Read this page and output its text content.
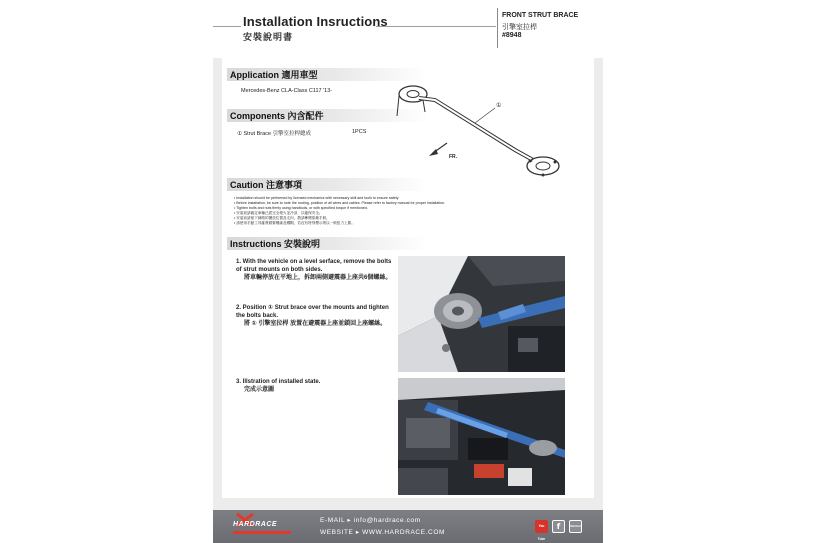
Installation Insructions
安裝說明書
FRONT STRUT BRACE
引擎室拉桿
#8948
Application 適用車型
Mercedes-Benz CLA-Class C117 '13-
Components 內含配件
① Strut Brace 引擎室拉桿總成	1PCS
①
FR.
Caution 注意事項
• Installation should be performed by licensed mechanics with necessary skill and tools to ensure safety.
• Before installation, be sure to note the routing, position of all wires and cables. Please refer to factory manual for proper installation.
• Tighten bolts and nuts firmly using handtools, or with specified torque if mentioned.
• 安裝前請確定車輛已經完全熄火並冷卻，以確保安全。
• 安裝前請留下線路的擺放位置及走向，敬請參閱原廠手冊。
• 請使用手動工具確實鎖緊螺絲及螺帽，若沒有特別標示則以一般扭力上緊。
Instructions 安裝說明
1. With the vehicle on a level serface, remove the bolts of strut mounts on both sides.
將車輛停放在平地上，拆卸兩側避震器上座共6個螺絲。
2. Position ① Strut brace over the mounts and tighten the bolts back.
將 ① 引擎室拉桿 放置在避震器上座並鎖回上座螺絲。
3. Illstration of installed state.
完成示意圖
HARDRACE
E-MAIL ▸ info@hardrace.com
WEBSITE ▸ WWW.HARDRACE.COM
You Tube
f	WeChat
